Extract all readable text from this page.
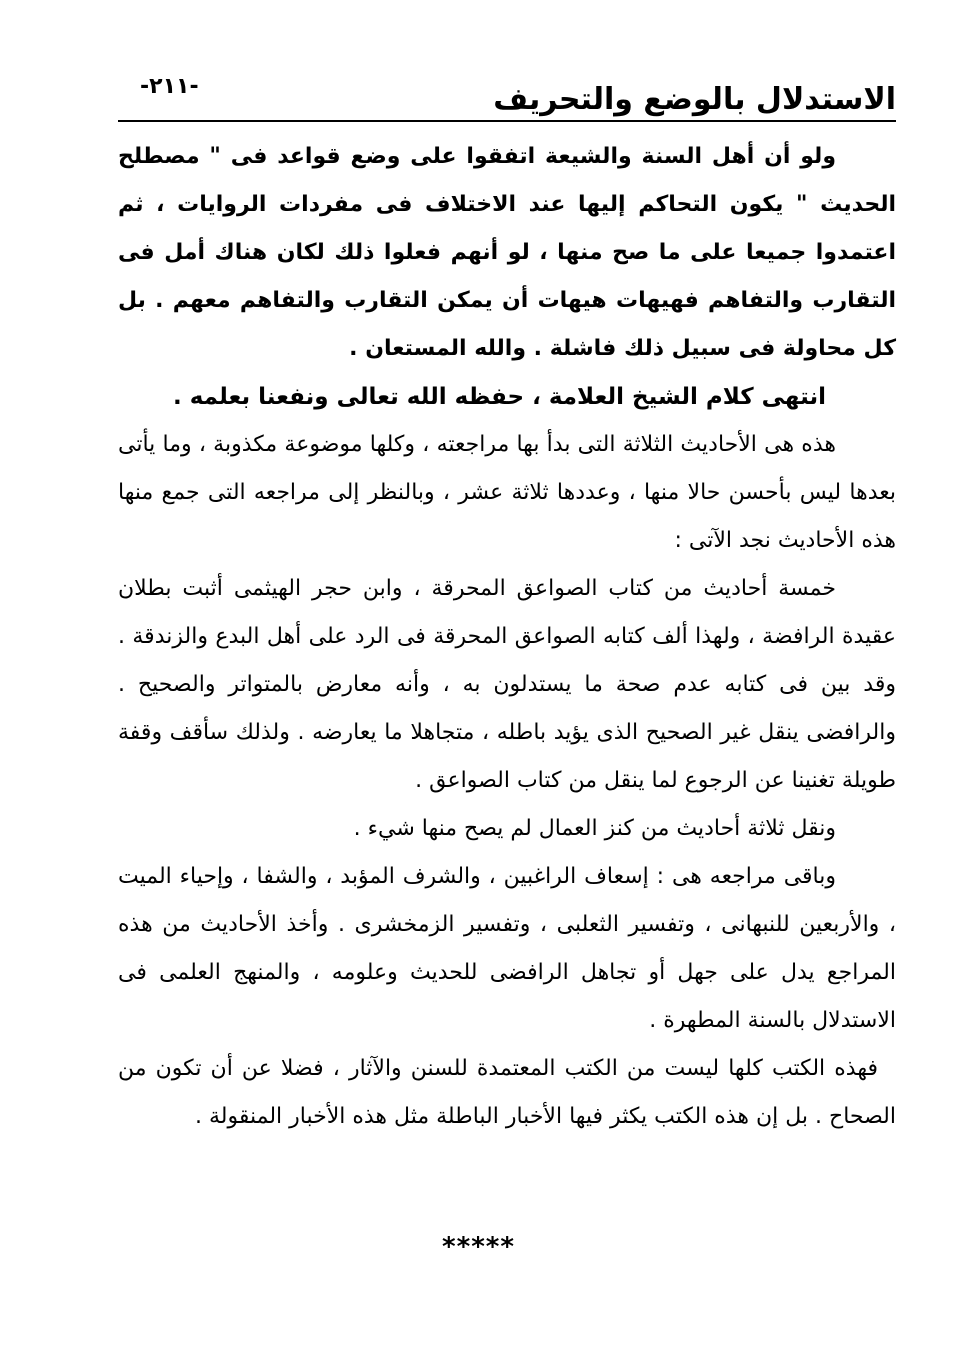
الاستدلال بالوضع والتحريف
-٢١١-

ولو أن أهل السنة والشيعة اتفقوا على وضع قواعد فى " مصطلح الحديث " يكون التحاكم إليها عند الاختلاف فى مفردات الروايات ، ثم اعتمدوا جميعا على ما صح منها ، لو أنهم فعلوا ذلك لكان هناك أمل فى التقارب والتفاهم فهيهات هيهات أن يمكن التقارب والتفاهم معهم . بل كل محاولة فى سبيل ذلك فاشلة . والله المستعان .

انتهى كلام الشيخ العلامة ، حفظه الله تعالى ونفعنا بعلمه .

هذه هى الأحاديث الثلاثة التى بدأ بها مراجعته ، وكلها موضوعة مكذوبة ، وما يأتى بعدها ليس بأحسن حالا منها ، وعددها ثلاثة عشر ، وبالنظر إلى مراجعه التى جمع منها هذه الأحاديث نجد الآتى :

خمسة أحاديث من كتاب الصواعق المحرقة ، وابن حجر الهيثمى أثبت بطلان عقيدة الرافضة ، ولهذا ألف كتابه الصواعق المحرقة فى الرد على أهل البدع والزندقة . وقد بين فى كتابه عدم صحة ما يستدلون به ، وأنه معارض بالمتواتر والصحيح . والرافضى ينقل غير الصحيح الذى يؤيد باطله ، متجاهلا ما يعارضه . ولذلك سأقف وقفة طويلة تغنينا عن الرجوع لما ينقل من كتاب الصواعق .

ونقل ثلاثة أحاديث من كنز العمال لم يصح منها شيء .

وباقى مراجعه هى : إسعاف الراغبين ، والشرف المؤبد ، والشفا ، وإحياء الميت ، والأربعين للنبهانى ، وتفسير الثعلبى ، وتفسير الزمخشرى . وأخذ الأحاديث من هذه المراجع يدل على جهل أو تجاهل الرافضى للحديث وعلومه ، والمنهج العلمى فى الاستدلال بالسنة المطهرة .

فهذه الكتب كلها ليست من الكتب المعتمدة للسنن والآثار ، فضلا عن أن تكون من الصحاح . بل إن هذه الكتب يكثر فيها الأخبار الباطلة مثل هذه الأخبار المنقولة .

*****
